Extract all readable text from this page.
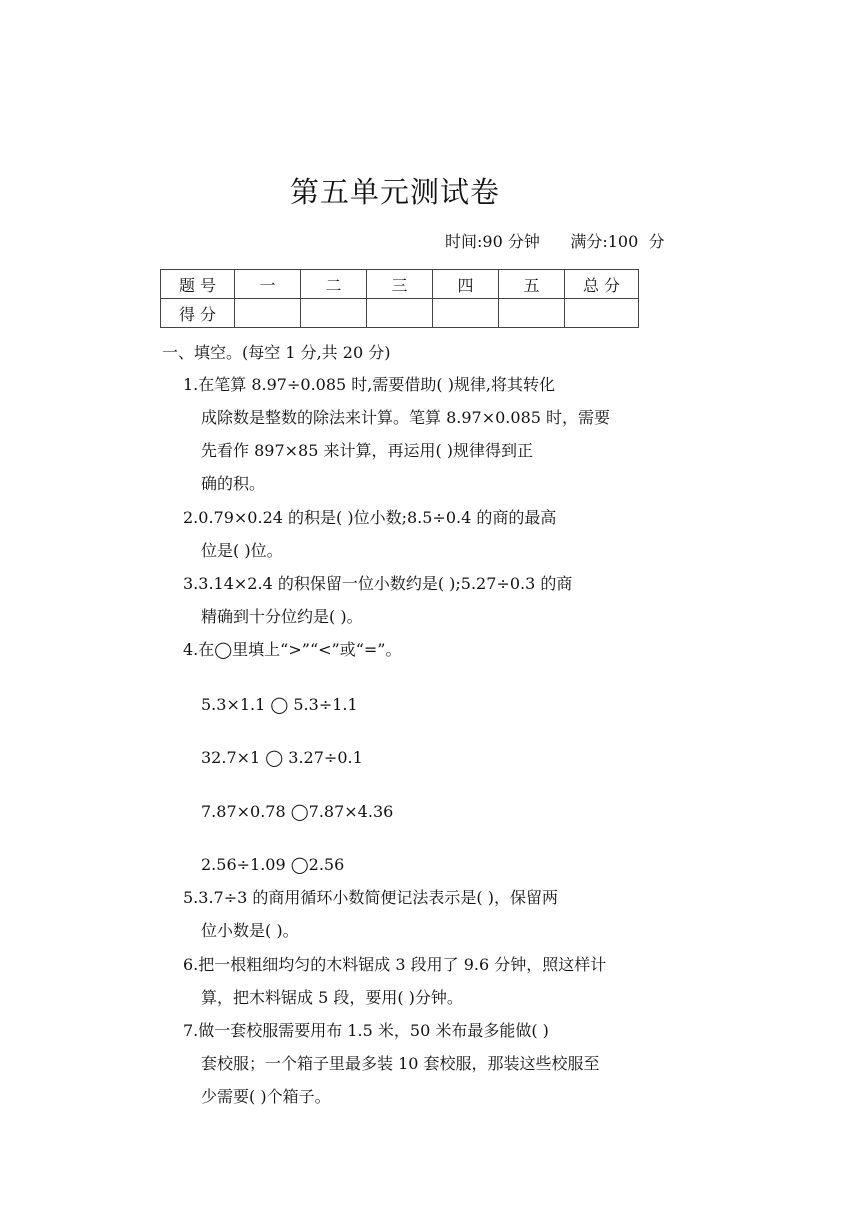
第五单元测试卷
时间:90 分钟      满分:100  分
题 号	一	二	三	四	五	总 分
得 分						
一、填空。(每空 1 分,共 20 分)
1.在笔算 8.97÷0.085 时,需要借助( )规律,将其转化
成除数是整数的除法来计算。笔算 8.97×0.085 时，需要
先看作 897×85 来计算，再运用( )规律得到正
确的积。
2.0.79×0.24 的积是( )位小数;8.5÷0.4 的商的最高
位是( )位。
3.3.14×2.4 的积保留一位小数约是( );5.27÷0.3 的商
精确到十分位约是( )。
4.在◯里填上“>”“<”或“=”。
5.3×1.1 ◯ 5.3÷1.1
32.7×1 ◯ 3.27÷0.1
7.87×0.78 ◯7.87×4.36
2.56÷1.09 ◯2.56
5.3.7÷3 的商用循环小数简便记法表示是( )，保留两
位小数是( )。
6.把一根粗细均匀的木料锯成 3 段用了 9.6 分钟，照这样计
算，把木料锯成 5 段，要用( )分钟。
7.做一套校服需要用布 1.5 米，50 米布最多能做( )
套校服；一个箱子里最多装 10 套校服，那装这些校服至
少需要( )个箱子。
